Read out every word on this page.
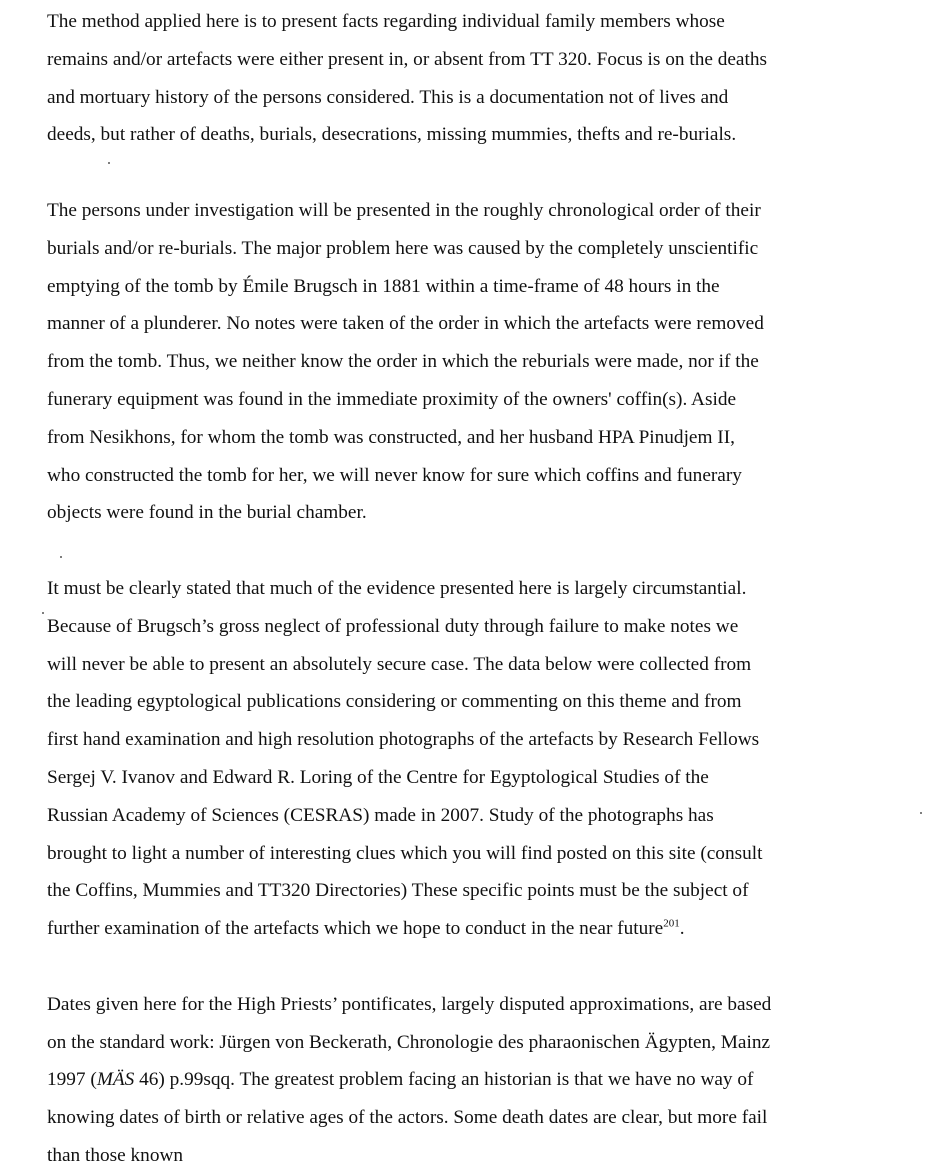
The method applied here is to present facts regarding individual family members whose
remains and/or artefacts were either present in, or absent from TT 320. Focus is on the deaths
and mortuary history of the persons considered. This is a documentation not of lives and
deeds, but rather of deaths, burials, desecrations, missing mummies, thefts and re-burials.
The persons under investigation will be presented in the roughly chronological order of their
burials and/or re-burials. The major problem here was caused by the completely unscientific
emptying of the tomb by Émile Brugsch in 1881 within a time-frame of 48 hours in the
manner of a plunderer. No notes were taken of the order in which the artefacts were removed
from the tomb. Thus, we neither know the order in which the reburials were made, nor if the
funerary equipment was found in the immediate proximity of the owners' coffin(s). Aside
from Nesikhons, for whom the tomb was constructed, and her husband HPA Pinudjem II,
who constructed the tomb for her, we will never know for sure which coffins and funerary
objects were found in the burial chamber.
It must be clearly stated that much of the evidence presented here is largely circumstantial.
Because of Brugsch’s gross neglect of professional duty through failure to make notes we
will never be able to present an absolutely secure case. The data below were collected from
the leading egyptological publications considering or commenting on this theme and from
first hand examination and high resolution photographs of the artefacts by Research Fellows
Sergej V. Ivanov and Edward R. Loring of the Centre for Egyptological Studies of the
Russian Academy of Sciences (CESRAS) made in 2007. Study of the photographs has
brought to light a number of interesting clues which you will find posted on this site (consult
the Coffins, Mummies and TT320 Directories) These specific points must be the subject of
further examination of the artefacts which we hope to conduct in the near future$^{201}$.
Dates given here for the High Priests’ pontificates, largely disputed approximations, are based
on the standard work: Jürgen von Beckerath, Chronologie des pharaonischen Ägypten, Mainz
1997 (MÄS 46) p.99sqq. The greatest problem facing an historian is that we have no way of
knowing dates of birth or relative ages of the actors. Some death dates are clear, but more fail
than those known
